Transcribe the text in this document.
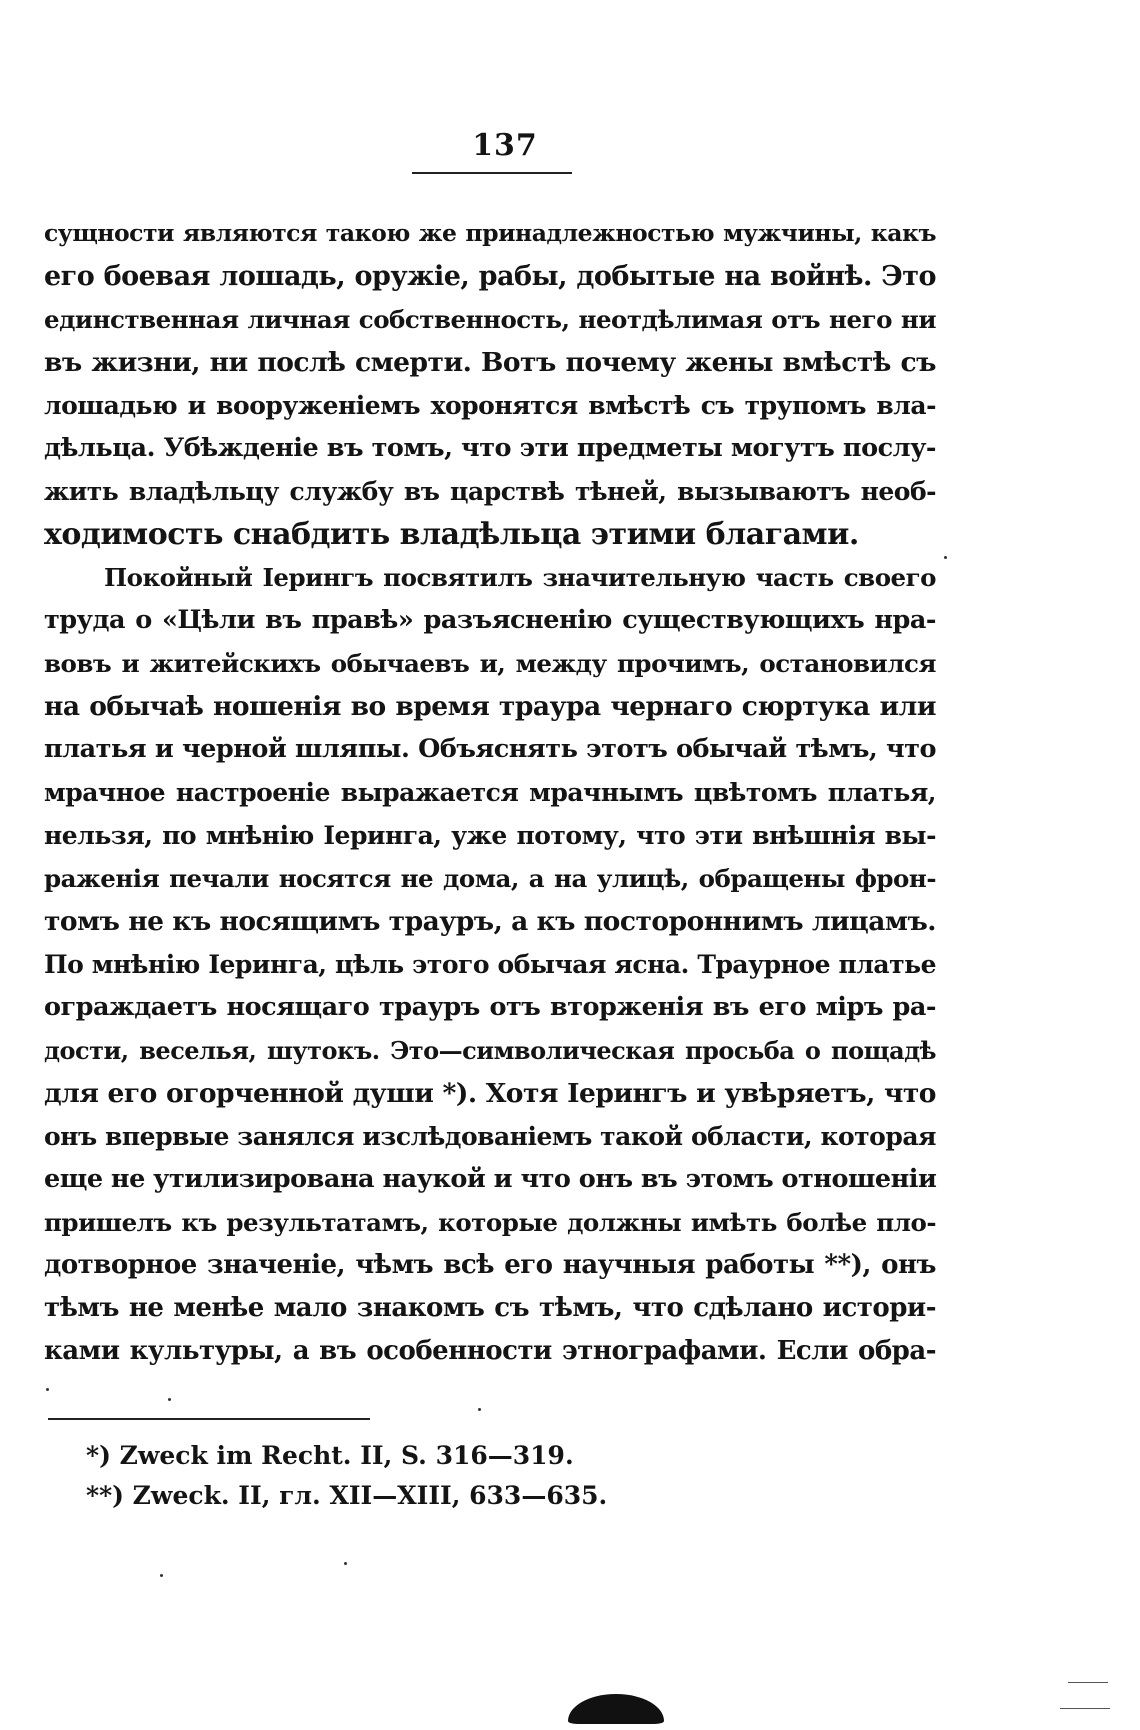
137
сущности являются такою же принадлежностью мужчины, какъ
его боевая лошадь, оружіе, рабы, добытые на войнѣ. Это
единственная личная собственность, неотдѣлимая отъ него ни
въ жизни, ни послѣ смерти. Вотъ почему жены вмѣстѣ съ
лошадью и вооруженіемъ хоронятся вмѣстѣ съ трупомъ вла-
дѣльца. Убѣжденіе въ томъ, что эти предметы могутъ послу-
жить владѣльцу службу въ царствѣ тѣней, вызываютъ необ-
ходимость снабдить владѣльца этими благами.
Покойный Іерингъ посвятилъ значительную часть своего
труда о «Цѣли въ правѣ» разъясненію существующихъ нра-
вовъ и житейскихъ обычаевъ и, между прочимъ, остановился
на обычаѣ ношенія во время траура чернаго сюртука или
платья и черной шляпы. Объяснять этотъ обычай тѣмъ, что
мрачное настроеніе выражается мрачнымъ цвѣтомъ платья,
нельзя, по мнѣнію Іеринга, уже потому, что эти внѣшнія вы-
раженія печали носятся не дома, а на улицѣ, обращены фрон-
томъ не къ носящимъ трауръ, а къ постороннимъ лицамъ.
По мнѣнію Іеринга, цѣль этого обычая ясна. Траурное платье
ограждаетъ носящаго трауръ отъ вторженія въ его міръ ра-
дости, веселья, шутокъ. Это—символическая просьба о пощадѣ
для его огорченной души *). Хотя Іерингъ и увѣряетъ, что
онъ впервые занялся изслѣдованіемъ такой области, которая
еще не утилизирована наукой и что онъ въ этомъ отношеніи
пришелъ къ результатамъ, которые должны имѣть болѣе пло-
дотворное значеніе, чѣмъ всѣ его научныя работы **), онъ
тѣмъ не менѣе мало знакомъ съ тѣмъ, что сдѣлано истори-
ками культуры, а въ особенности этнографами. Если обра-
*) Zweck im Recht. II, S. 316—319.
**) Zweck. II, гл. XII—XIII, 633—635.
